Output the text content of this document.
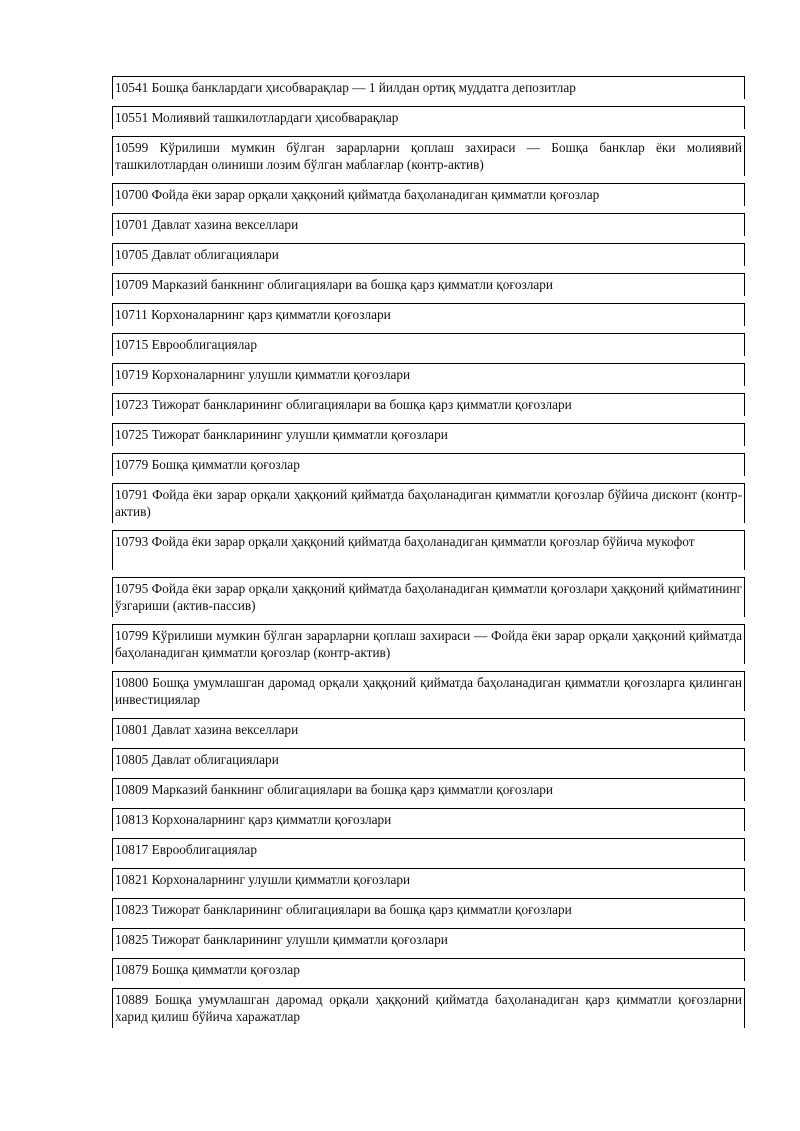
10541 Бошқа банклардаги ҳисобварақлар — 1 йилдан ортиқ муддатга депозитлар
10551 Молиявий ташкилотлардаги ҳисобварақлар
10599 Кўрилиши мумкин бўлган зарарларни қоплаш захираси — Бошқа банклар ёки молиявий ташкилотлардан олиниши лозим бўлган маблағлар (контр-актив)
10700 Фойда ёки зарар орқали ҳаққоний қийматда баҳоланадиган қимматли қоғозлар
10701 Давлат хазина векселлари
10705 Давлат облигациялари
10709 Марказий банкнинг облигациялари ва бошқа қарз қимматли қоғозлари
10711 Корхоналарнинг қарз қимматли қоғозлари
10715 Еврооблигациялар
10719 Корхоналарнинг улушли қимматли қоғозлари
10723 Тижорат банкларининг облигациялари ва бошқа қарз қимматли қоғозлари
10725 Тижорат банкларининг улушли қимматли қоғозлари
10779 Бошқа қимматли қоғозлар
10791 Фойда ёки зарар орқали ҳаққоний қийматда баҳоланадиган қимматли қоғозлар бўйича дисконт (контр-актив)
10793 Фойда ёки зарар орқали ҳаққоний қийматда баҳоланадиган қимматли қоғозлар бўйича мукофот
10795 Фойда ёки зарар орқали ҳаққоний қийматда баҳоланадиган қимматли қоғозлари ҳаққоний қийматининг ўзгариши (актив-пассив)
10799 Кўрилиши мумкин бўлган зарарларни қоплаш захираси — Фойда ёки зарар орқали ҳаққоний қийматда баҳоланадиган қимматли қоғозлар (контр-актив)
10800 Бошқа умумлашган даромад орқали ҳаққоний қийматда баҳоланадиган қимматли қоғозларга қилинган инвестициялар
10801 Давлат хазина векселлари
10805 Давлат облигациялари
10809 Марказий банкнинг облигациялари ва бошқа қарз қимматли қоғозлари
10813 Корхоналарнинг қарз қимматли қоғозлари
10817 Еврооблигациялар
10821 Корхоналарнинг улушли қимматли қоғозлари
10823 Тижорат банкларининг облигациялари ва бошқа қарз қимматли қоғозлари
10825 Тижорат банкларининг улушли қимматли қоғозлари
10879 Бошқа қимматли қоғозлар
10889 Бошқа умумлашган даромад орқали ҳаққоний қийматда баҳоланадиган қарз қимматли қоғозларни харид қилиш бўйича харажатлар
